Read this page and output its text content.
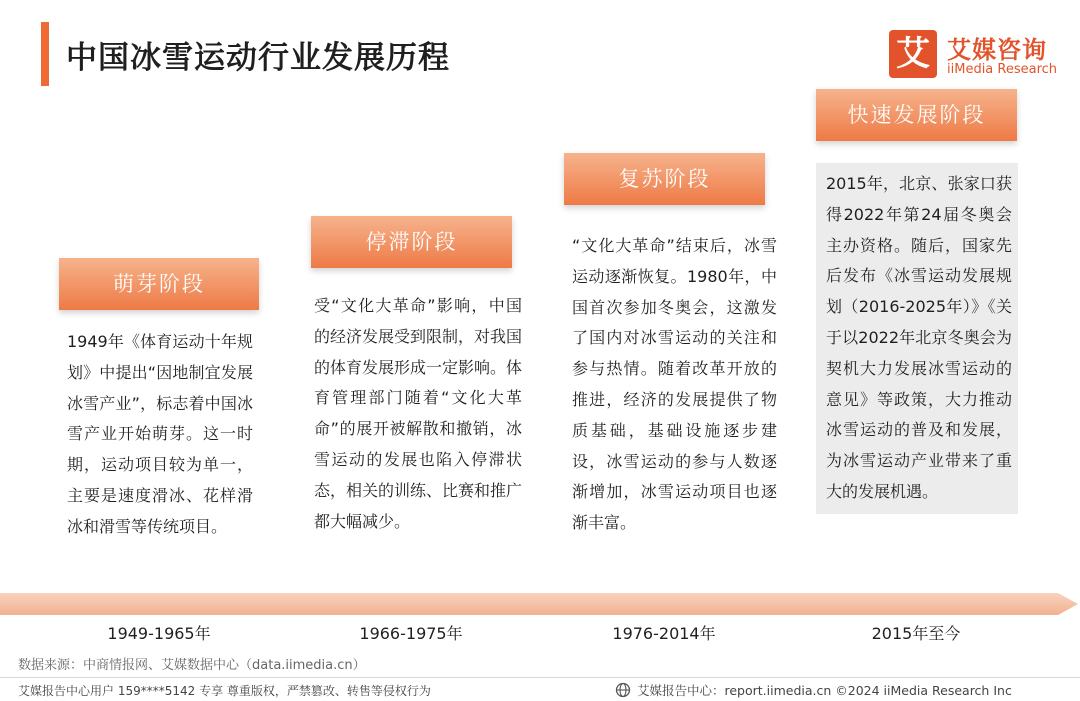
中国冰雪运动行业发展历程	艾 艾媒咨询
iiMedia Research
萌芽阶段
1949年《体育运动十年规划》中提出“因地制宜发展冰雪产业”，标志着中国冰雪产业开始萌芽。这一时期，运动项目较为单一，主要是速度滑冰、花样滑冰和滑雪等传统项目。
停滞阶段
受“文化大革命”影响，中国的经济发展受到限制，对我国的体育发展形成一定影响。体育管理部门随着“文化大革命”的展开被解散和撤销，冰雪运动的发展也陷入停滞状态，相关的训练、比赛和推广都大幅减少。
复苏阶段
“文化大革命”结束后，冰雪运动逐渐恢复。1980年，中国首次参加冬奥会，这激发了国内对冰雪运动的关注和参与热情。随着改革开放的推进，经济的发展提供了物质基础，基础设施逐步建设，冰雪运动的参与人数逐渐增加，冰雪运动项目也逐渐丰富。
快速发展阶段
2015年，北京、张家口获得2022年第24届冬奥会主办资格。随后，国家先后发布《冰雪运动发展规划（2016-2025年）》《关于以2022年北京冬奥会为契机大力发展冰雪运动的意见》等政策，大力推动冰雪运动的普及和发展，为冰雪运动产业带来了重大的发展机遇。
1949-1965年	1966-1975年	1976-2014年	2015年至今
数据来源：中商情报网、艾媒数据中心（data.iimedia.cn）
艾媒报告中心用户 159****5142 专享 尊重版权，严禁篡改、转售等侵权行为	艾媒报告中心：report.iimedia.cn ©2024 iiMedia Research Inc
